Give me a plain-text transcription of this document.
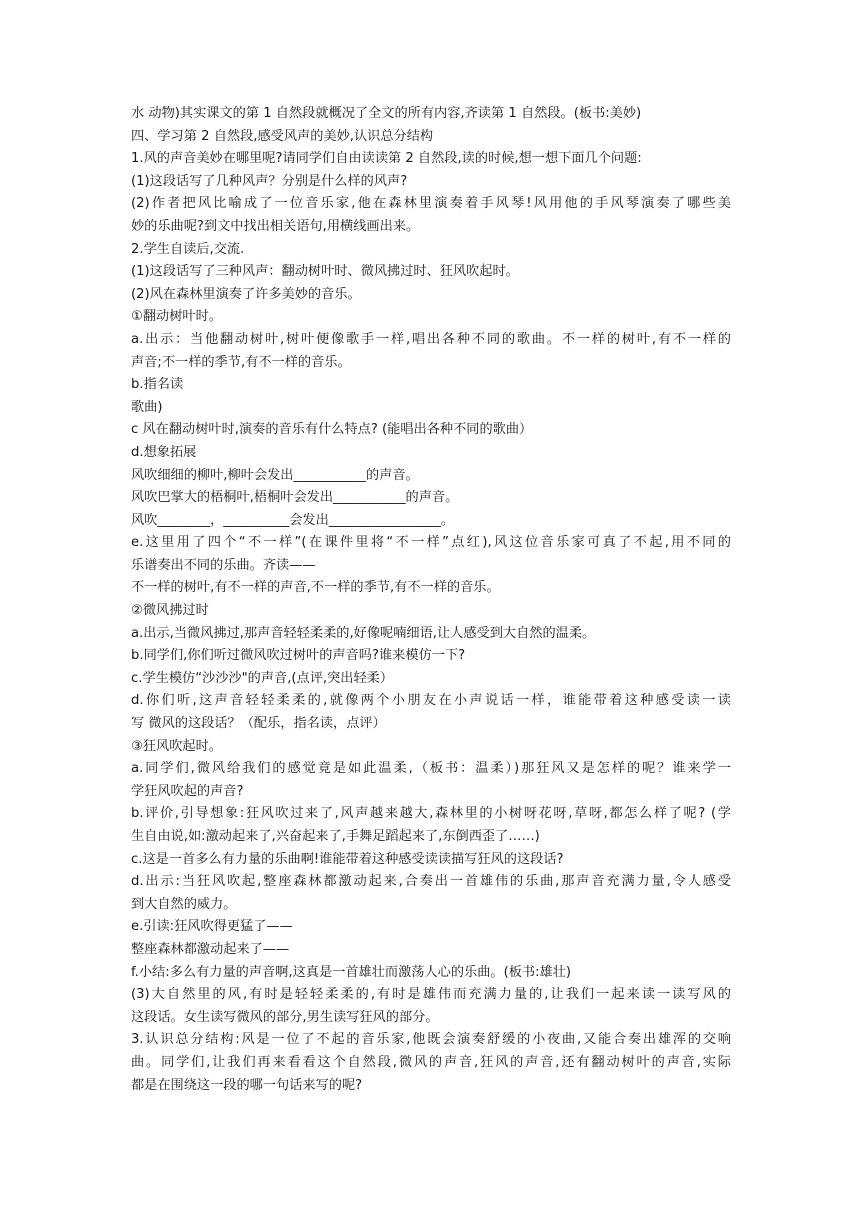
水 动物)其实课文的第 1 自然段就概况了全文的所有内容,齐读第 1 自然段。(板书:美妙)
四、学习第 2 自然段,感受风声的美妙,认识总分结构
1.风的声音美妙在哪里呢?请同学们自由读读第 2 自然段,读的时候,想一想下面几个问题:
(1)这段话写了几种风声？分别是什么样的风声?
(2)作者把风比喻成了一位音乐家,他在森林里演奏着手风琴!风用他的手风琴演奏了哪些美
妙的乐曲呢?到文中找出相关语句,用横线画出来。
2.学生自读后,交流.
(1)这段话写了三种风声：翻动树叶时、微风拂过时、狂风吹起时。
(2)风在森林里演奏了许多美妙的音乐。
①翻动树叶时。
a.出示：当他翻动树叶,树叶便像歌手一样,唱出各种不同的歌曲。不一样的树叶,有不一样的
声音;不一样的季节,有不一样的音乐。
b.指名读
歌曲)
c 风在翻动树叶时,演奏的音乐有什么特点? (能唱出各种不同的歌曲）
d.想象拓展
风吹细细的柳叶,柳叶会发出___________的声音。
风吹巴掌大的梧桐叶,梧桐叶会发出___________的声音。
风吹________，__________会发出_________________。
e.这里用了四个“不一样”(在课件里将“不一样”点红),风这位音乐家可真了不起,用不同的
乐谱奏出不同的乐曲。齐读——
不一样的树叶,有不一样的声音,不一样的季节,有不一样的音乐。
②微风拂过时
a.出示,当微风拂过,那声音轻轻柔柔的,好像呢喃细语,让人感受到大自然的温柔。
b.同学们,你们听过微风吹过树叶的声音吗?谁来模仿一下?
c.学生模仿“沙沙沙"的声音,(点评,突出轻柔）
d.你们听,这声音轻轻柔柔的,就像两个小朋友在小声说话一样，谁能带着这种感受读一读
写 微风的这段话？（配乐，指名读，点评）
③狂风吹起时。
a.同学们,微风给我们的感觉竟是如此温柔,（板书：温柔）)那狂风又是怎样的呢？谁来学一
学狂风吹起的声音?
b.评价,引导想象:狂风吹过来了,风声越来越大,森林里的小树呀花呀,草呀,都怎么样了呢? (学
生自由说,如:激动起来了,兴奋起来了,手舞足蹈起来了,东倒西歪了……)
c.这是一首多么有力量的乐曲啊!谁能带着这种感受读读描写狂风的这段话?
d.出示:当狂风吹起,整座森林都激动起来,合奏出一首雄伟的乐曲,那声音充满力量,令人感受
到大自然的威力。
e.引读:狂风吹得更猛了——
整座森林都激动起来了——
f.小结:多么有力量的声音啊,这真是一首雄壮而激荡人心的乐曲。(板书:雄壮)
(3)大自然里的风,有时是轻轻柔柔的,有时是雄伟而充满力量的,让我们一起来读一读写风的
这段话。女生读写微风的部分,男生读写狂风的部分。
3.认识总分结构:风是一位了不起的音乐家,他既会演奏舒缓的小夜曲,又能合奏出雄浑的交响
曲。同学们,让我们再来看看这个自然段,微风的声音,狂风的声音,还有翻动树叶的声音,实际
都是在围绕这一段的哪一句话来写的呢?
